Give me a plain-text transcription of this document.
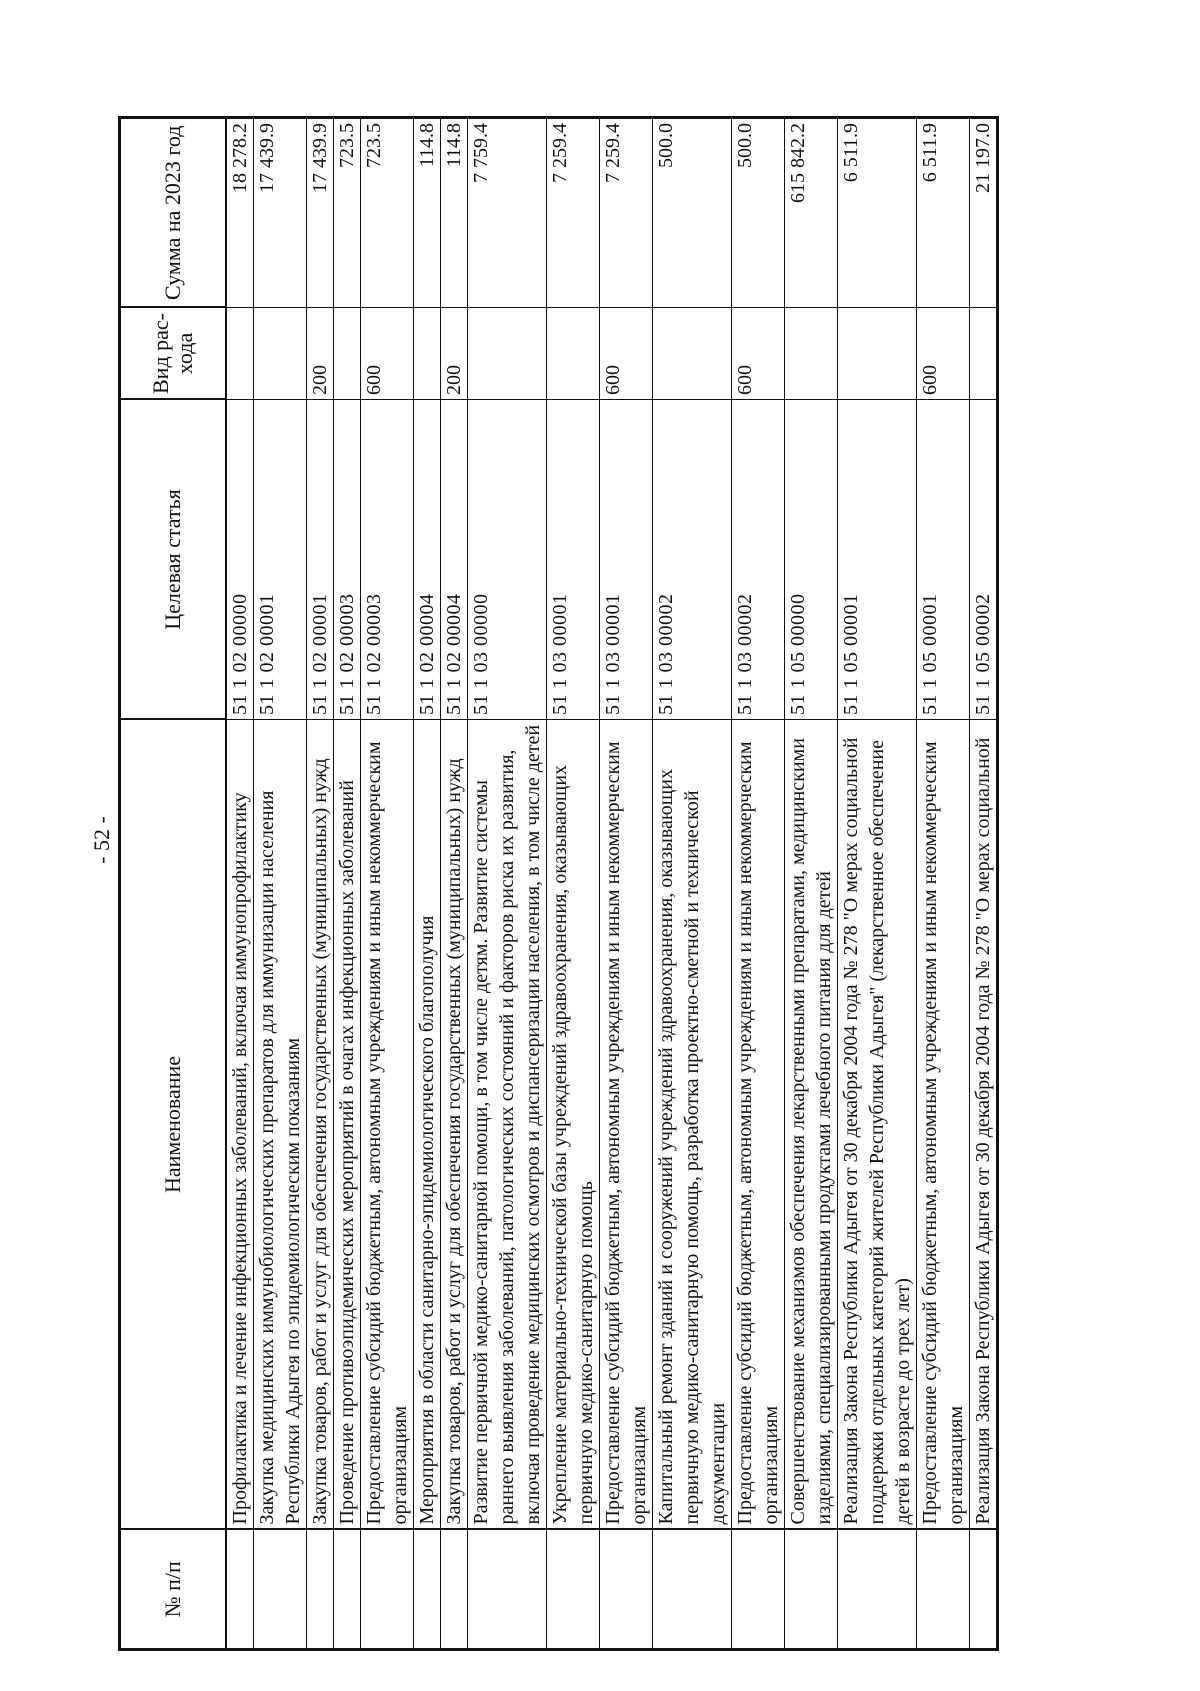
- 52 -
№ п/п	Наименование	Целевая статья	Вид рас-хода	Сумма на 2023 год
	Профилактика и лечение инфекционных заболеваний, включая иммунопрофилактику	51 1 02 00000		18 278.2
	Закупка медицинских иммунобиологических препаратов для иммунизации населения Республики Адыгея по эпидемиологическим показаниям	51 1 02 00001		17 439.9
	Закупка товаров, работ и услуг для обеспечения государственных (муниципальных) нужд	51 1 02 00001	200	17 439.9
	Проведение противоэпидемических мероприятий в очагах инфекционных заболеваний	51 1 02 00003		723.5
	Предоставление субсидий бюджетным, автономным учреждениям и иным некоммерческим организациям	51 1 02 00003	600	723.5
	Мероприятия в области санитарно-эпидемиологического благополучия	51 1 02 00004		114.8
	Закупка товаров, работ и услуг для обеспечения государственных (муниципальных) нужд	51 1 02 00004	200	114.8
	Развитие первичной медико-санитарной помощи, в том числе детям. Развитие системы раннего выявления заболеваний, патологических состояний и факторов риска их развития, включая проведение медицинских осмотров и диспансеризации населения, в том числе детей	51 1 03 00000		7 759.4
	Укрепление материально-технической базы учреждений здравоохранения, оказывающих первичную медико-санитарную помощь	51 1 03 00001		7 259.4
	Предоставление субсидий бюджетным, автономным учреждениям и иным некоммерческим организациям	51 1 03 00001	600	7 259.4
	Капитальный ремонт зданий и сооружений учреждений здравоохранения, оказывающих первичную медико-санитарную помощь, разработка проектно-сметной и технической документации	51 1 03 00002		500.0
	Предоставление субсидий бюджетным, автономным учреждениям и иным некоммерческим организациям	51 1 03 00002	600	500.0
	Совершенствование механизмов обеспечения лекарственными препаратами, медицинскими изделиями, специализированными продуктами лечебного питания для детей	51 1 05 00000		615 842.2
	Реализация Закона Республики Адыгея от 30 декабря 2004 года № 278 "О мерах социальной поддержки отдельных категорий жителей Республики Адыгея" (лекарственное обеспечение детей в возрасте до трех лет)	51 1 05 00001		6 511.9
	Предоставление субсидий бюджетным, автономным учреждениям и иным некоммерческим организациям	51 1 05 00001	600	6 511.9
	Реализация Закона Республики Адыгея от 30 декабря 2004 года № 278 "О мерах социальной	51 1 05 00002		21 197.0
